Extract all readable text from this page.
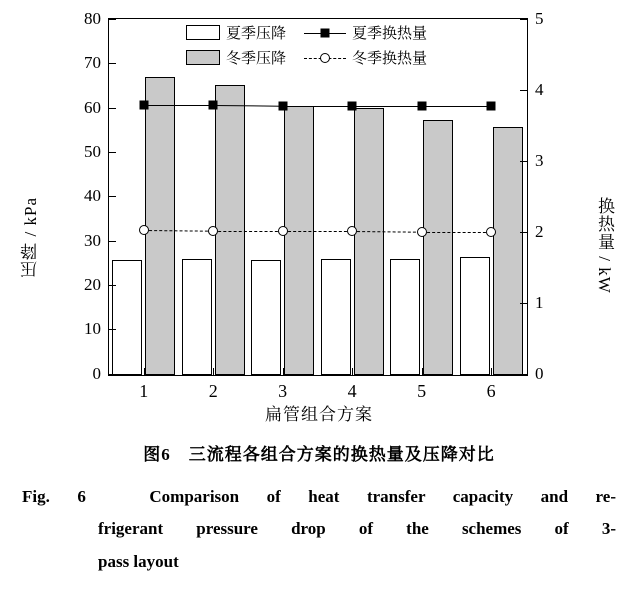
压降 / kPa	换热量 / kW
扁管组合方案
0
10
20
30
40
50
60
70
80
0
1
2
3
4
5
1	2	3	4	5	6
夏季压降	夏季换热量
冬季压降	冬季换热量
图6　三流程各组合方案的换热量及压降对比
Fig. 6　Comparison of heat transfer capacity and re-
frigerant pressure drop of the schemes of 3-
pass layout
